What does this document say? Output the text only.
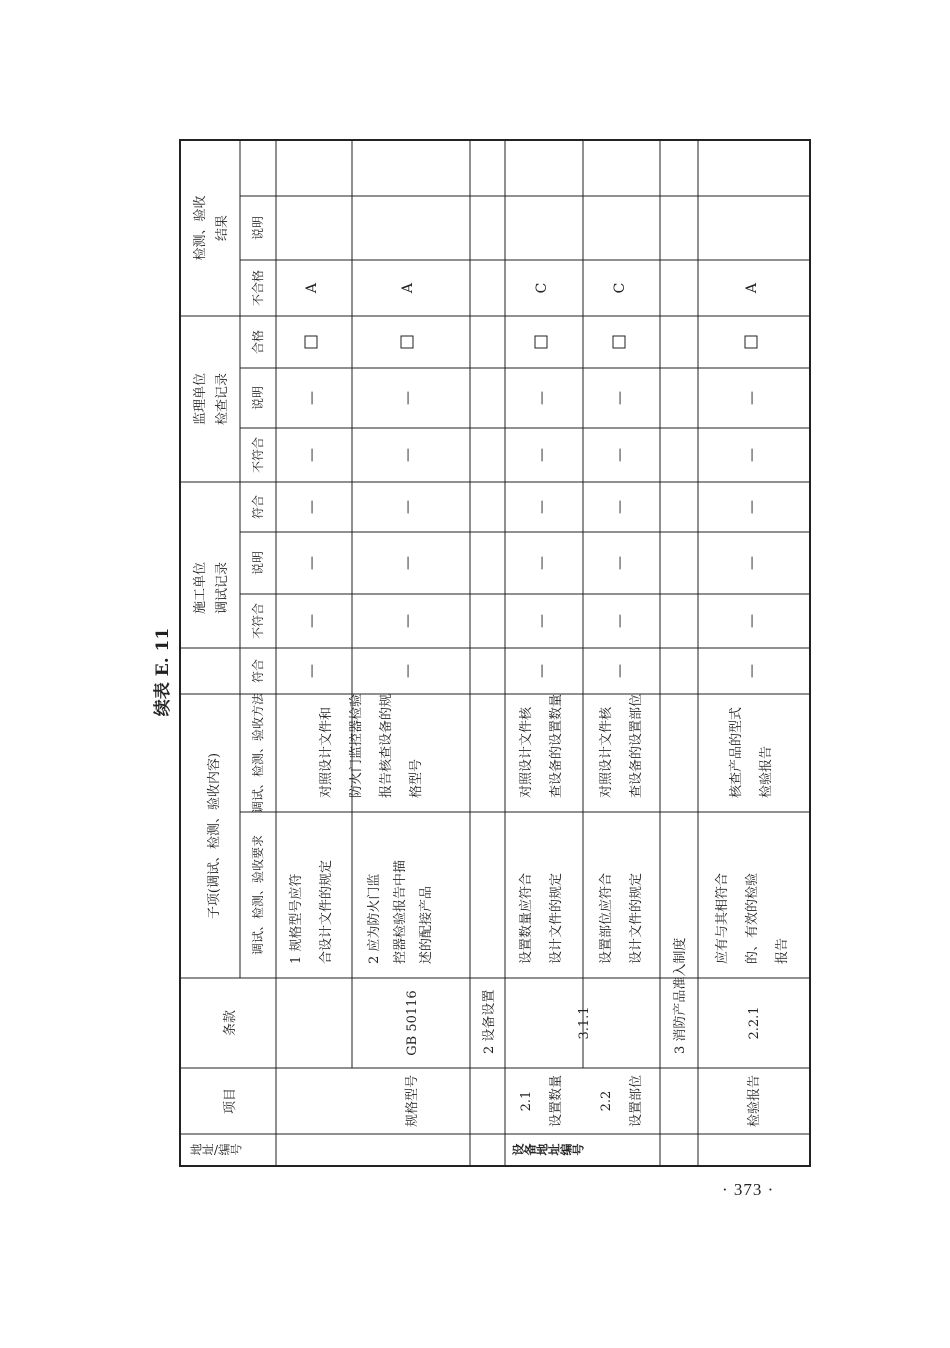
续表 E. 11
地址/编号
项目
条款
子项(调试、检测、验收内容) 调试、检测、验收要求
调试、检测、验收方法
施工单位 调试记录
监理单位 检查记录
检测、验收 结果
符合
不符合
说明
符合
不符合
说明
合格
不合格
说明
规格型号
GB 50116
1 规格型号应符 合设计文件的规定	2 应为防火门监 控器检验报告中描 述的配接产品
对照设计文件和 防火门监控器检验 报告核查设备的规 格型号
2 设备设置
2.1 设置数量
3.1.1
设置数量应符合 设计文件的规定
对照设计文件核 查设备的设置数量
2.2 设置部位
设置部位应符合 设计文件的规定
对照设计文件核 查设备的设置部位
3 消防产品准入制度
检验报告
2.2.1
应有与其相符合 的、有效的检验 报告
核查产品的型式 检验报告
设备地址编号
—
—
—
—
—
—
A
—
—
—
—
—
—
A
—
—
—
—
—
—
C
—
—
—
—
—
—
C
—
—
—
—
—
—
A
· 373 ·
